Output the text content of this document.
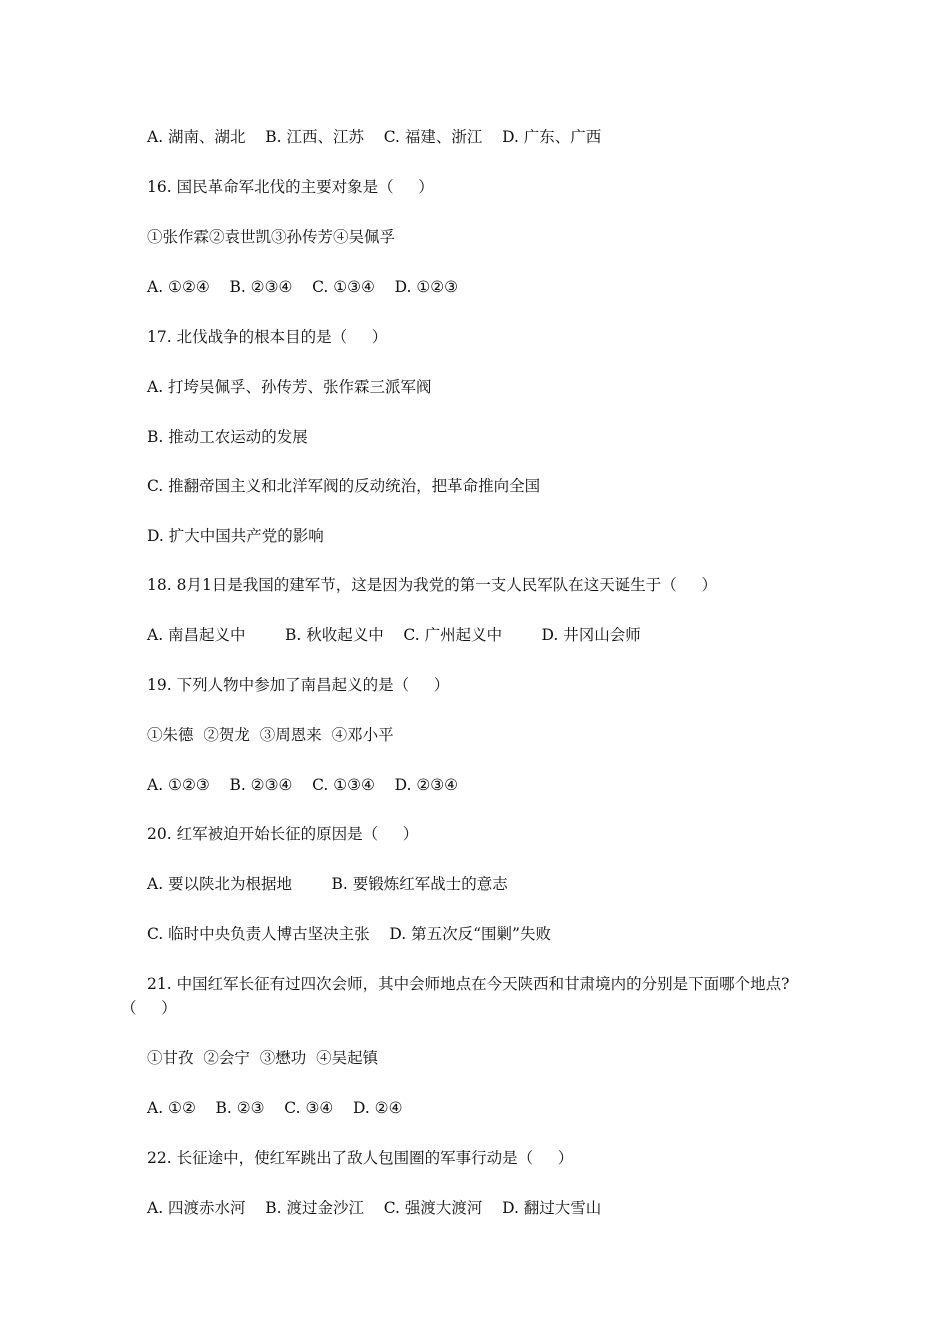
A. 湖南、湖北    B. 江西、江苏    C. 福建、浙江    D. 广东、广西
16. 国民革命军北伐的主要对象是（     ）
①张作霖②袁世凯③孙传芳④吴佩孚
A. ①②④    B. ②③④    C. ①③④    D. ①②③
17. 北伐战争的根本目的是（     ）
A. 打垮吴佩孚、孙传芳、张作霖三派军阀
B. 推动工农运动的发展
C. 推翻帝国主义和北洋军阀的反动统治，把革命推向全国
D. 扩大中国共产党的影响
18. 8月1日是我国的建军节，这是因为我党的第一支人民军队在这天诞生于（     ）
A. 南昌起义中        B. 秋收起义中    C. 广州起义中        D. 井冈山会师
19. 下列人物中参加了南昌起义的是（     ）
①朱德  ②贺龙  ③周恩来  ④邓小平
A. ①②③    B. ②③④    C. ①③④    D. ②③④
20. 红军被迫开始长征的原因是（     ）
A. 要以陕北为根据地        B. 要锻炼红军战士的意志
C. 临时中央负责人博古坚决主张    D. 第五次反“围剿”失败
21. 中国红军长征有过四次会师，其中会师地点在今天陕西和甘肃境内的分别是下面哪个地点?
（     ）
①甘孜  ②会宁  ③懋功  ④吴起镇
A. ①②    B. ②③    C. ③④    D. ②④
22. 长征途中，使红军跳出了敌人包围圈的军事行动是（     ）
A. 四渡赤水河    B. 渡过金沙江    C. 强渡大渡河    D. 翻过大雪山
